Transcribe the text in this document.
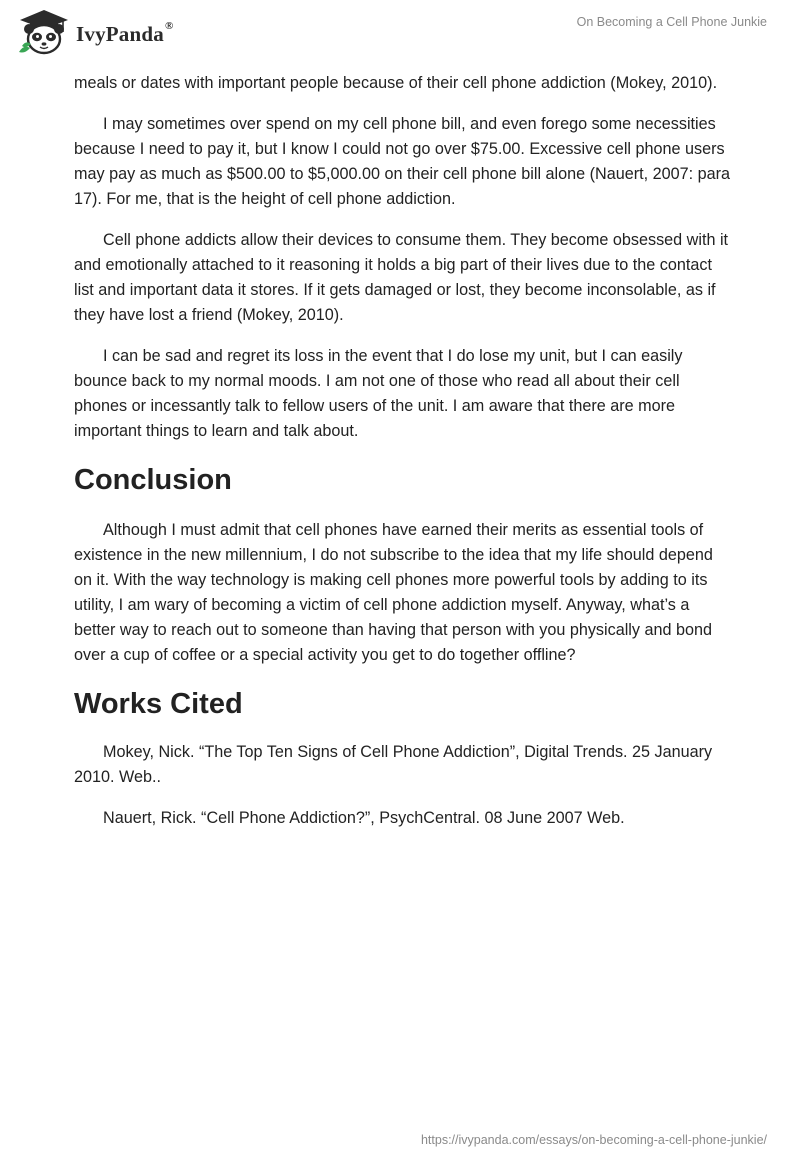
IvyPanda®	On Becoming a Cell Phone Junkie

meals or dates with important people because of their cell phone addiction (Mokey, 2010).

I may sometimes over spend on my cell phone bill, and even forego some necessities because I need to pay it, but I know I could not go over $75.00. Excessive cell phone users may pay as much as $500.00 to $5,000.00 on their cell phone bill alone (Nauert, 2007: para 17). For me, that is the height of cell phone addiction.

Cell phone addicts allow their devices to consume them. They become obsessed with it and emotionally attached to it reasoning it holds a big part of their lives due to the contact list and important data it stores. If it gets damaged or lost, they become inconsolable, as if they have lost a friend (Mokey, 2010).

I can be sad and regret its loss in the event that I do lose my unit, but I can easily bounce back to my normal moods. I am not one of those who read all about their cell phones or incessantly talk to fellow users of the unit. I am aware that there are more important things to learn and talk about.

Conclusion

Although I must admit that cell phones have earned their merits as essential tools of existence in the new millennium, I do not subscribe to the idea that my life should depend on it. With the way technology is making cell phones more powerful tools by adding to its utility, I am wary of becoming a victim of cell phone addiction myself. Anyway, what’s a better way to reach out to someone than having that person with you physically and bond over a cup of coffee or a special activity you get to do together offline?

Works Cited

Mokey, Nick. “The Top Ten Signs of Cell Phone Addiction”, Digital Trends. 25 January 2010. Web..

Nauert, Rick. “Cell Phone Addiction?”, PsychCentral. 08 June 2007 Web.

https://ivypanda.com/essays/on-becoming-a-cell-phone-junkie/
